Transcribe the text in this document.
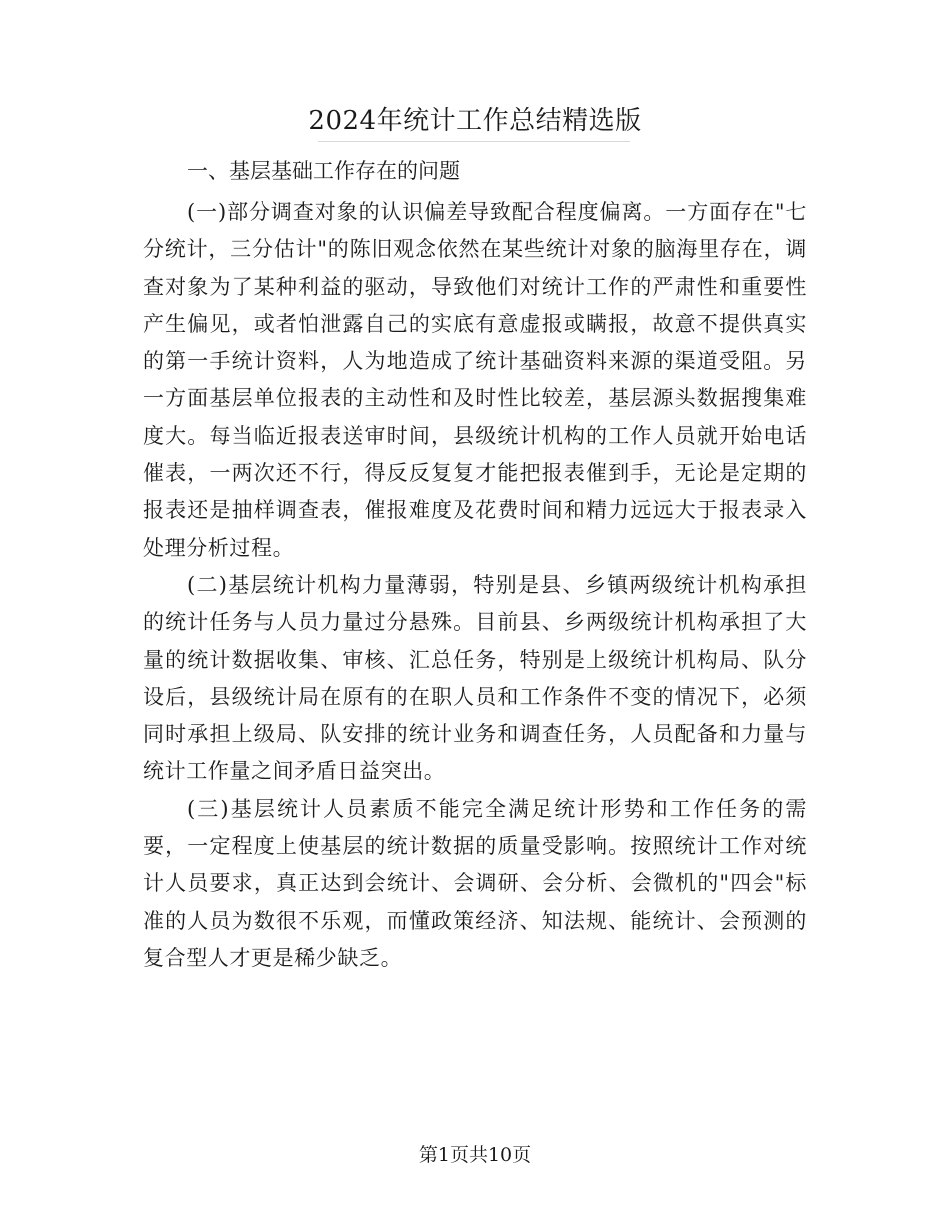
2024年统计工作总结精选版

一、基层基础工作存在的问题

(一)部分调查对象的认识偏差导致配合程度偏离。一方面存在"七分统计，三分估计"的陈旧观念依然在某些统计对象的脑海里存在，调查对象为了某种利益的驱动，导致他们对统计工作的严肃性和重要性产生偏见，或者怕泄露自己的实底有意虚报或瞒报，故意不提供真实的第一手统计资料，人为地造成了统计基础资料来源的渠道受阻。另一方面基层单位报表的主动性和及时性比较差，基层源头数据搜集难度大。每当临近报表送审时间，县级统计机构的工作人员就开始电话催表，一两次还不行，得反反复复才能把报表催到手，无论是定期的报表还是抽样调查表，催报难度及花费时间和精力远远大于报表录入处理分析过程。

(二)基层统计机构力量薄弱，特别是县、乡镇两级统计机构承担的统计任务与人员力量过分悬殊。目前县、乡两级统计机构承担了大量的统计数据收集、审核、汇总任务，特别是上级统计机构局、队分设后，县级统计局在原有的在职人员和工作条件不变的情况下，必须同时承担上级局、队安排的统计业务和调查任务，人员配备和力量与统计工作量之间矛盾日益突出。

(三)基层统计人员素质不能完全满足统计形势和工作任务的需要，一定程度上使基层的统计数据的质量受影响。按照统计工作对统计人员要求，真正达到会统计、会调研、会分析、会微机的"四会"标准的人员为数很不乐观，而懂政策经济、知法规、能统计、会预测的复合型人才更是稀少缺乏。

第1页共10页
